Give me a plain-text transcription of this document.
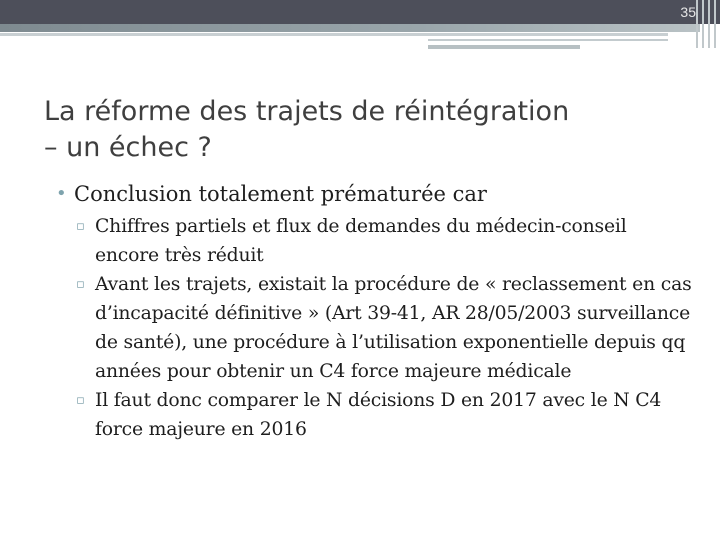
35
La réforme des trajets de réintégration
– un échec ?

• Conclusion totalement prématurée car

▫ Chiffres partiels et flux de demandes du médecin-conseil encore très réduit
▫ Avant les trajets, existait la procédure de « reclassement en cas d’incapacité définitive » (Art 39-41, AR 28/05/2003 surveillance de santé), une procédure à l’utilisation exponentielle depuis qq années pour obtenir un C4 force majeure médicale
▫ Il faut donc comparer le N décisions D en 2017 avec le N C4 force majeure en 2016
